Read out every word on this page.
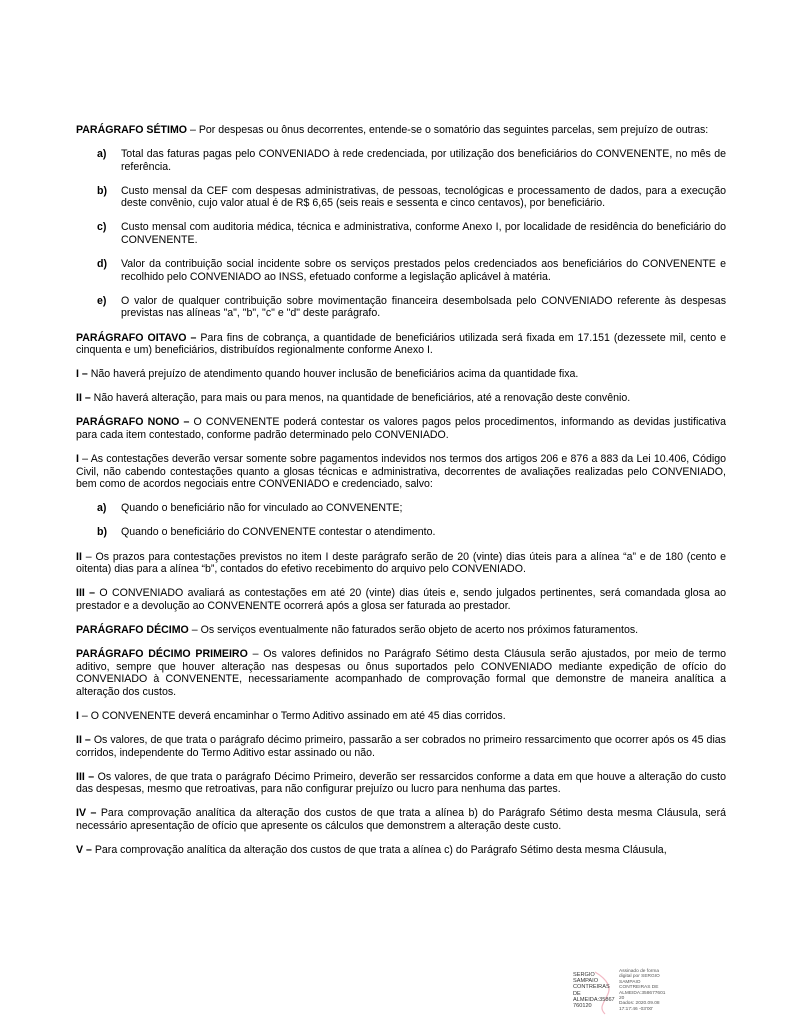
PARÁGRAFO SÉTIMO – Por despesas ou ônus decorrentes, entende-se o somatório das seguintes parcelas, sem prejuízo de outras:

a)	Total das faturas pagas pelo CONVENIADO à rede credenciada, por utilização dos beneficiários do CONVENENTE, no mês de referência.
b)	Custo mensal da CEF com despesas administrativas, de pessoas, tecnológicas e processamento de dados, para a execução deste convênio, cujo valor atual é de R$ 6,65 (seis reais e sessenta e cinco centavos), por beneficiário.
c)	Custo mensal com auditoria médica, técnica e administrativa, conforme Anexo I, por localidade de residência do beneficiário do CONVENENTE.
d)	Valor da contribuição social incidente sobre os serviços prestados pelos credenciados aos beneficiários do CONVENENTE e recolhido pelo CONVENIADO ao INSS, efetuado conforme a legislação aplicável à matéria.
e)	O valor de qualquer contribuição sobre movimentação financeira desembolsada pelo CONVENIADO referente às despesas previstas nas alíneas "a", "b", "c" e "d" deste parágrafo.

PARÁGRAFO OITAVO – Para fins de cobrança, a quantidade de beneficiários utilizada será fixada em 17.151 (dezessete mil, cento e cinquenta e um) beneficiários, distribuídos regionalmente conforme Anexo I.

I – Não haverá prejuízo de atendimento quando houver inclusão de beneficiários acima da quantidade fixa.

II – Não haverá alteração, para mais ou para menos, na quantidade de beneficiários, até a renovação deste convênio.

PARÁGRAFO NONO – O CONVENENTE poderá contestar os valores pagos pelos procedimentos, informando as devidas justificativa para cada item contestado, conforme padrão determinado pelo CONVENIADO.

I – As contestações deverão versar somente sobre pagamentos indevidos nos termos dos artigos 206 e 876 a 883 da Lei 10.406, Código Civil, não cabendo contestações quanto a glosas técnicas e administrativa, decorrentes de avaliações realizadas pelo CONVENIADO, bem como de acordos negociais entre CONVENIADO e credenciado, salvo:

a)	Quando o beneficiário não for vinculado ao CONVENENTE;
b)	Quando o beneficiário do CONVENENTE contestar o atendimento.

II – Os prazos para contestações previstos no item I deste parágrafo serão de 20 (vinte) dias úteis para a alínea “a” e de 180 (cento e oitenta) dias para a alínea “b”, contados do efetivo recebimento do arquivo pelo CONVENIADO.

III – O CONVENIADO avaliará as contestações em até 20 (vinte) dias úteis e, sendo julgados pertinentes, será comandada glosa ao prestador e a devolução ao CONVENENTE ocorrerá após a glosa ser faturada ao prestador.

PARÁGRAFO DÉCIMO – Os serviços eventualmente não faturados serão objeto de acerto nos próximos faturamentos.

PARÁGRAFO DÉCIMO PRIMEIRO – Os valores definidos no Parágrafo Sétimo desta Cláusula serão ajustados, por meio de termo aditivo, sempre que houver alteração nas despesas ou ônus suportados pelo CONVENIADO mediante expedição de ofício do CONVENIADO à CONVENENTE, necessariamente acompanhado de comprovação formal que demonstre de maneira analítica a alteração dos custos.

I – O CONVENENTE deverá encaminhar o Termo Aditivo assinado em até 45 dias corridos.

II – Os valores, de que trata o parágrafo décimo primeiro, passarão a ser cobrados no primeiro ressarcimento que ocorrer após os 45 dias corridos, independente do Termo Aditivo estar assinado ou não.

III – Os valores, de que trata o parágrafo Décimo Primeiro, deverão ser ressarcidos conforme a data em que houve a alteração do custo das despesas, mesmo que retroativas, para não configurar prejuízo ou lucro para nenhuma das partes.

IV – Para comprovação analítica da alteração dos custos de que trata a alínea b) do Parágrafo Sétimo desta mesma Cláusula, será necessário apresentação de ofício que apresente os cálculos que demonstrem a alteração deste custo.

V – Para comprovação analítica da alteração dos custos de que trata a alínea c) do Parágrafo Sétimo desta mesma Cláusula,

SERGIO
SAMPAIO
CONTREIRAS DE
ALMEIDA:35867
760120
Assinado de forma
digital por SERGIO
SAMPAIO
CONTREIRAS DE
ALMEIDA:358677601
20
Dados: 2020.09.08
17:17:46 -03'00'
